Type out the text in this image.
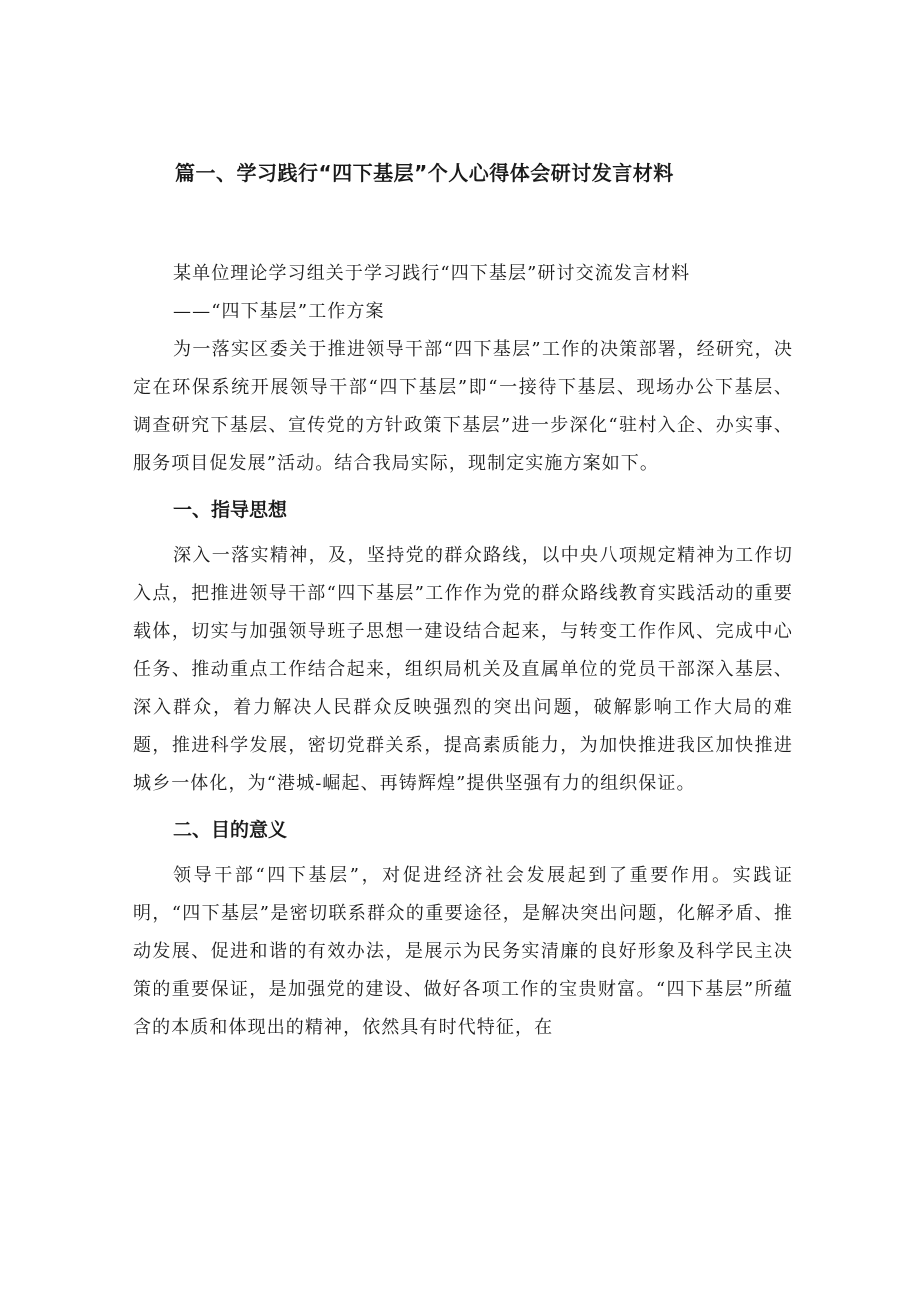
篇一、学习践行“四下基层”个人心得体会研讨发言材料

某单位理论学习组关于学习践行“四下基层”研讨交流发言材料

——“四下基层”工作方案

为一落实区委关于推进领导干部“四下基层”工作的决策部署，经研究，决定在环保系统开展领导干部“四下基层”即“一接待下基层、现场办公下基层、调查研究下基层、宣传党的方针政策下基层”进一步深化“驻村入企、办实事、服务项目促发展”活动。结合我局实际，现制定实施方案如下。

一、指导思想

深入一落实精神，及，坚持党的群众路线，以中央八项规定精神为工作切入点，把推进领导干部“四下基层”工作作为党的群众路线教育实践活动的重要载体，切实与加强领导班子思想一建设结合起来，与转变工作作风、完成中心任务、推动重点工作结合起来，组织局机关及直属单位的党员干部深入基层、深入群众，着力解决人民群众反映强烈的突出问题，破解影响工作大局的难题，推进科学发展，密切党群关系，提高素质能力，为加快推进我区加快推进城乡一体化，为“港城-崛起、再铸辉煌”提供坚强有力的组织保证。

二、目的意义

领导干部“四下基层”，对促进经济社会发展起到了重要作用。实践证明，“四下基层”是密切联系群众的重要途径，是解决突出问题，化解矛盾、推动发展、促进和谐的有效办法，是展示为民务实清廉的良好形象及科学民主决策的重要保证，是加强党的建设、做好各项工作的宝贵财富。“四下基层”所蕴含的本质和体现出的精神，依然具有时代特征，在
